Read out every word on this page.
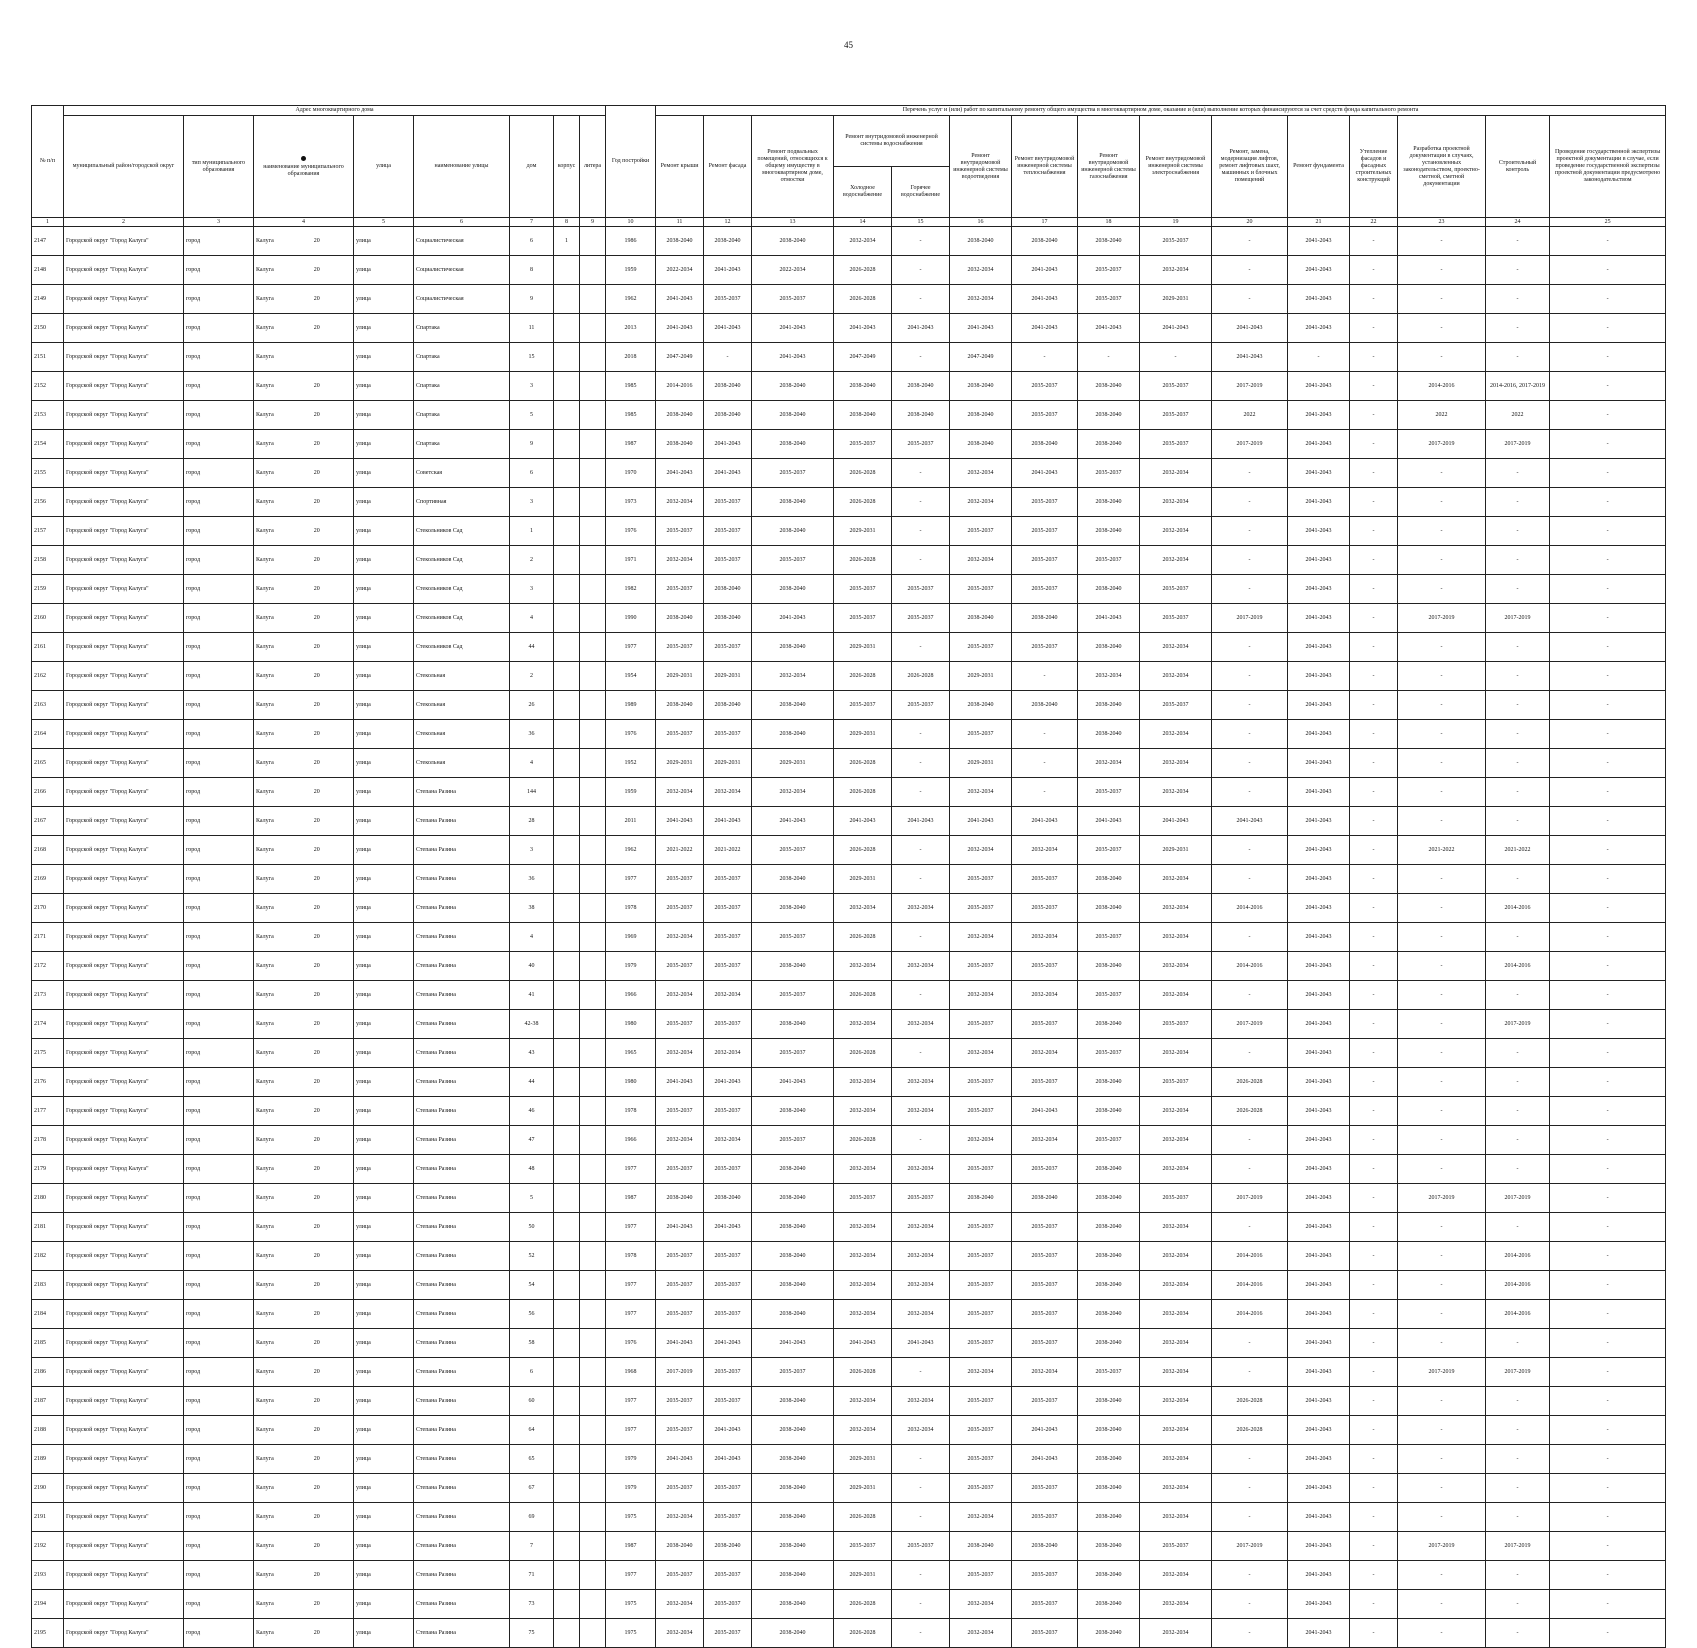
45
№ п/п	Адрес многоквартирного дома								Год постройки	Перечень услуг и (или) работ по капитальному ремонту общего имущества в многоквартирном доме, оказание и (или) выполнение которых финансируются за счет средств фонда капитального ремонта														
	муниципальный район/городской округ	тип муниципального образования	наименование муниципального образования	улица	наименование улицы	дом	корпус	литера		Ремонт крыши	Ремонт фасада	Ремонт подвальных помещений, относящихся к общему имуществу в многоквартирном доме, отмостки	Ремонт внутридомовой инженерной системы водоснабжения		Ремонт внутридомовой инженерной системы водоотведения	Ремонт внутридомовой инженерной системы теплоснабжения	Ремонт внутридомовой инженерной системы газоснабжения	Ремонт внутридомовой инженерной системы электроснабжения	Ремонт, замена, модернизация лифтов, ремонт лифтовых шахт, машинных и блочных помещений	Ремонт фундамента	Утепление фасадов и фасадных строительных конструкций	Разработка проектной документации в случаях, установленных законодательством, проектно-сметной, сметной документации	Строительный контроль	Проведение государственной экспертизы проектной документации в случае, если проведение государственной экспертизы проектной документации предусмотрено законодательством
													Холодное водоснабжение	Горячее водоснабжение										
1	2	3	4	5	6	7	8	9	10	11	12	13	14	15	16	17	18	19	20	21	22	23	24	25
2147	Городской округ "Город Калуга"	город	Калуга 20	улица	Социалистическая	6	1		1986	2038-2040	2038-2040	2038-2040	2032-2034	-	2038-2040	2038-2040	2038-2040	2035-2037	-	2041-2043	-	-	-	-
2148	Городской округ "Город Калуга"	город	Калуга 20	улица	Социалистическая	8			1959	2022-2034	2041-2043	2022-2034	2026-2028	-	2032-2034	2041-2043	2035-2037	2032-2034	-	2041-2043	-	-	-	-
2149	Городской округ "Город Калуга"	город	Калуга 20	улица	Социалистическая	9			1962	2041-2043	2035-2037	2035-2037	2026-2028	-	2032-2034	2041-2043	2035-2037	2029-2031	-	2041-2043	-	-	-	-
2150	Городской округ "Город Калуга"	город	Калуга 20	улица	Спартака	11			2013	2041-2043	2041-2043	2041-2043	2041-2043	2041-2043	2041-2043	2041-2043	2041-2043	2041-2043	2041-2043	2041-2043	-	-	-	-
2151	Городской округ "Город Калуга"	город	Калуга	улица	Спартака	15			2018	2047-2049	-	2041-2043	2047-2049	-	2047-2049	-	-	-	2041-2043	-	-	-	-	-
2152	Городской округ "Город Калуга"	город	Калуга 20	улица	Спартака	3			1985	2014-2016	2038-2040	2038-2040	2038-2040	2038-2040	2038-2040	2035-2037	2038-2040	2035-2037	2017-2019	2041-2043	-	2014-2016	2014-2016, 2017-2019	-
2153	Городской округ "Город Калуга"	город	Калуга 20	улица	Спартака	5			1985	2038-2040	2038-2040	2038-2040	2038-2040	2038-2040	2038-2040	2035-2037	2038-2040	2035-2037	2022	2041-2043	-	2022	2022	-
2154	Городской округ "Город Калуга"	город	Калуга 20	улица	Спартака	9			1987	2038-2040	2041-2043	2038-2040	2035-2037	2035-2037	2038-2040	2038-2040	2038-2040	2035-2037	2017-2019	2041-2043	-	2017-2019	2017-2019	-
2155	Городской округ "Город Калуга"	город	Калуга 20	улица	Советская	6			1970	2041-2043	2041-2043	2035-2037	2026-2028	-	2032-2034	2041-2043	2035-2037	2032-2034	-	2041-2043	-	-	-	-
2156	Городской округ "Город Калуга"	город	Калуга 20	улица	Спортивная	3			1973	2032-2034	2035-2037	2038-2040	2026-2028	-	2032-2034	2035-2037	2038-2040	2032-2034	-	2041-2043	-	-	-	-
2157	Городской округ "Город Калуга"	город	Калуга 20	улица	Стекольников Сад	1			1976	2035-2037	2035-2037	2038-2040	2029-2031	-	2035-2037	2035-2037	2038-2040	2032-2034	-	2041-2043	-	-	-	-
2158	Городской округ "Город Калуга"	город	Калуга 20	улица	Стекольников Сад	2			1971	2032-2034	2035-2037	2035-2037	2026-2028	-	2032-2034	2035-2037	2035-2037	2032-2034	-	2041-2043	-	-	-	-
2159	Городской округ "Город Калуга"	город	Калуга 20	улица	Стекольников Сад	3			1982	2035-2037	2038-2040	2038-2040	2035-2037	2035-2037	2035-2037	2035-2037	2038-2040	2035-2037	-	2041-2043	-	-	-	-
2160	Городской округ "Город Калуга"	город	Калуга 20	улица	Стекольников Сад	4			1990	2038-2040	2038-2040	2041-2043	2035-2037	2035-2037	2038-2040	2038-2040	2041-2043	2035-2037	2017-2019	2041-2043	-	2017-2019	2017-2019	-
2161	Городской округ "Город Калуга"	город	Калуга 20	улица	Стекольников Сад	44			1977	2035-2037	2035-2037	2038-2040	2029-2031	-	2035-2037	2035-2037	2038-2040	2032-2034	-	2041-2043	-	-	-	-
2162	Городской округ "Город Калуга"	город	Калуга 20	улица	Стекольная	2			1954	2029-2031	2029-2031	2032-2034	2026-2028	2026-2028	2029-2031	-	2032-2034	2032-2034	-	2041-2043	-	-	-	-
2163	Городской округ "Город Калуга"	город	Калуга 20	улица	Стекольная	26			1989	2038-2040	2038-2040	2038-2040	2035-2037	2035-2037	2038-2040	2038-2040	2038-2040	2035-2037	-	2041-2043	-	-	-	-
2164	Городской округ "Город Калуга"	город	Калуга 20	улица	Стекольная	36			1976	2035-2037	2035-2037	2038-2040	2029-2031	-	2035-2037	-	2038-2040	2032-2034	-	2041-2043	-	-	-	-
2165	Городской округ "Город Калуга"	город	Калуга 20	улица	Стекольная	4			1952	2029-2031	2029-2031	2029-2031	2026-2028	-	2029-2031	-	2032-2034	2032-2034	-	2041-2043	-	-	-	-
2166	Городской округ "Город Калуга"	город	Калуга 20	улица	Степана Разина	144			1959	2032-2034	2032-2034	2032-2034	2026-2028	-	2032-2034	-	2035-2037	2032-2034	-	2041-2043	-	-	-	-
2167	Городской округ "Город Калуга"	город	Калуга 20	улица	Степана Разина	28			2011	2041-2043	2041-2043	2041-2043	2041-2043	2041-2043	2041-2043	2041-2043	2041-2043	2041-2043	2041-2043	2041-2043	-	-	-	-
2168	Городской округ "Город Калуга"	город	Калуга 20	улица	Степана Разина	3			1962	2021-2022	2021-2022	2035-2037	2026-2028	-	2032-2034	2032-2034	2035-2037	2029-2031	-	2041-2043	-	2021-2022	2021-2022	-
2169	Городской округ "Город Калуга"	город	Калуга 20	улица	Степана Разина	36			1977	2035-2037	2035-2037	2038-2040	2029-2031	-	2035-2037	2035-2037	2038-2040	2032-2034	-	2041-2043	-	-	-	-
2170	Городской округ "Город Калуга"	город	Калуга 20	улица	Степана Разина	38			1978	2035-2037	2035-2037	2038-2040	2032-2034	2032-2034	2035-2037	2035-2037	2038-2040	2032-2034	2014-2016	2041-2043	-	-	2014-2016	-
2171	Городской округ "Город Калуга"	город	Калуга 20	улица	Степана Разина	4			1969	2032-2034	2035-2037	2035-2037	2026-2028	-	2032-2034	2032-2034	2035-2037	2032-2034	-	2041-2043	-	-	-	-
2172	Городской округ "Город Калуга"	город	Калуга 20	улица	Степана Разина	40			1979	2035-2037	2035-2037	2038-2040	2032-2034	2032-2034	2035-2037	2035-2037	2038-2040	2032-2034	2014-2016	2041-2043	-	-	2014-2016	-
2173	Городской округ "Город Калуга"	город	Калуга 20	улица	Степана Разина	41			1966	2032-2034	2032-2034	2035-2037	2026-2028	-	2032-2034	2032-2034	2035-2037	2032-2034	-	2041-2043	-	-	-	-
2174	Городской округ "Город Калуга"	город	Калуга 20	улица	Степана Разина	42-38			1980	2035-2037	2035-2037	2038-2040	2032-2034	2032-2034	2035-2037	2035-2037	2038-2040	2035-2037	2017-2019	2041-2043	-	-	2017-2019	-
2175	Городской округ "Город Калуга"	город	Калуга 20	улица	Степана Разина	43			1965	2032-2034	2032-2034	2035-2037	2026-2028	-	2032-2034	2032-2034	2035-2037	2032-2034	-	2041-2043	-	-	-	-
2176	Городской округ "Город Калуга"	город	Калуга 20	улица	Степана Разина	44			1980	2041-2043	2041-2043	2041-2043	2032-2034	2032-2034	2035-2037	2035-2037	2038-2040	2035-2037	2026-2028	2041-2043	-	-	-	-
2177	Городской округ "Город Калуга"	город	Калуга 20	улица	Степана Разина	46			1978	2035-2037	2035-2037	2038-2040	2032-2034	2032-2034	2035-2037	2041-2043	2038-2040	2032-2034	2026-2028	2041-2043	-	-	-	-
2178	Городской округ "Город Калуга"	город	Калуга 20	улица	Степана Разина	47			1966	2032-2034	2032-2034	2035-2037	2026-2028	-	2032-2034	2032-2034	2035-2037	2032-2034	-	2041-2043	-	-	-	-
2179	Городской округ "Город Калуга"	город	Калуга 20	улица	Степана Разина	48			1977	2035-2037	2035-2037	2038-2040	2032-2034	2032-2034	2035-2037	2035-2037	2038-2040	2032-2034	-	2041-2043	-	-	-	-
2180	Городской округ "Город Калуга"	город	Калуга 20	улица	Степана Разина	5			1987	2038-2040	2038-2040	2038-2040	2035-2037	2035-2037	2038-2040	2038-2040	2038-2040	2035-2037	2017-2019	2041-2043	-	2017-2019	2017-2019	-
2181	Городской округ "Город Калуга"	город	Калуга 20	улица	Степана Разина	50			1977	2041-2043	2041-2043	2038-2040	2032-2034	2032-2034	2035-2037	2035-2037	2038-2040	2032-2034	-	2041-2043	-	-	-	-
2182	Городской округ "Город Калуга"	город	Калуга 20	улица	Степана Разина	52			1978	2035-2037	2035-2037	2038-2040	2032-2034	2032-2034	2035-2037	2035-2037	2038-2040	2032-2034	2014-2016	2041-2043	-	-	2014-2016	-
2183	Городской округ "Город Калуга"	город	Калуга 20	улица	Степана Разина	54			1977	2035-2037	2035-2037	2038-2040	2032-2034	2032-2034	2035-2037	2035-2037	2038-2040	2032-2034	2014-2016	2041-2043	-	-	2014-2016	-
2184	Городской округ "Город Калуга"	город	Калуга 20	улица	Степана Разина	56			1977	2035-2037	2035-2037	2038-2040	2032-2034	2032-2034	2035-2037	2035-2037	2038-2040	2032-2034	2014-2016	2041-2043	-	-	2014-2016	-
2185	Городской округ "Город Калуга"	город	Калуга 20	улица	Степана Разина	58			1976	2041-2043	2041-2043	2041-2043	2041-2043	2041-2043	2035-2037	2035-2037	2038-2040	2032-2034	-	2041-2043	-	-	-	-
2186	Городской округ "Город Калуга"	город	Калуга 20	улица	Степана Разина	6			1968	2017-2019	2035-2037	2035-2037	2026-2028	-	2032-2034	2032-2034	2035-2037	2032-2034	-	2041-2043	-	2017-2019	2017-2019	-
2187	Городской округ "Город Калуга"	город	Калуга 20	улица	Степана Разина	60			1977	2035-2037	2035-2037	2038-2040	2032-2034	2032-2034	2035-2037	2035-2037	2038-2040	2032-2034	2026-2028	2041-2043	-	-	-	-
2188	Городской округ "Город Калуга"	город	Калуга 20	улица	Степана Разина	64			1977	2035-2037	2041-2043	2038-2040	2032-2034	2032-2034	2035-2037	2041-2043	2038-2040	2032-2034	2026-2028	2041-2043	-	-	-	-
2189	Городской округ "Город Калуга"	город	Калуга 20	улица	Степана Разина	65			1979	2041-2043	2041-2043	2038-2040	2029-2031	-	2035-2037	2041-2043	2038-2040	2032-2034	-	2041-2043	-	-	-	-
2190	Городской округ "Город Калуга"	город	Калуга 20	улица	Степана Разина	67			1979	2035-2037	2035-2037	2038-2040	2029-2031	-	2035-2037	2035-2037	2038-2040	2032-2034	-	2041-2043	-	-	-	-
2191	Городской округ "Город Калуга"	город	Калуга 20	улица	Степана Разина	69			1975	2032-2034	2035-2037	2038-2040	2026-2028	-	2032-2034	2035-2037	2038-2040	2032-2034	-	2041-2043	-	-	-	-
2192	Городской округ "Город Калуга"	город	Калуга 20	улица	Степана Разина	7			1987	2038-2040	2038-2040	2038-2040	2035-2037	2035-2037	2038-2040	2038-2040	2038-2040	2035-2037	2017-2019	2041-2043	-	2017-2019	2017-2019	-
2193	Городской округ "Город Калуга"	город	Калуга 20	улица	Степана Разина	71			1977	2035-2037	2035-2037	2038-2040	2029-2031	-	2035-2037	2035-2037	2038-2040	2032-2034	-	2041-2043	-	-	-	-
2194	Городской округ "Город Калуга"	город	Калуга 20	улица	Степана Разина	73			1975	2032-2034	2035-2037	2038-2040	2026-2028	-	2032-2034	2035-2037	2038-2040	2032-2034	-	2041-2043	-	-	-	-
2195	Городской округ "Город Калуга"	город	Калуга 20	улица	Степана Разина	75			1975	2032-2034	2035-2037	2038-2040	2026-2028	-	2032-2034	2035-2037	2038-2040	2032-2034	-	2041-2043	-	-	-	-
